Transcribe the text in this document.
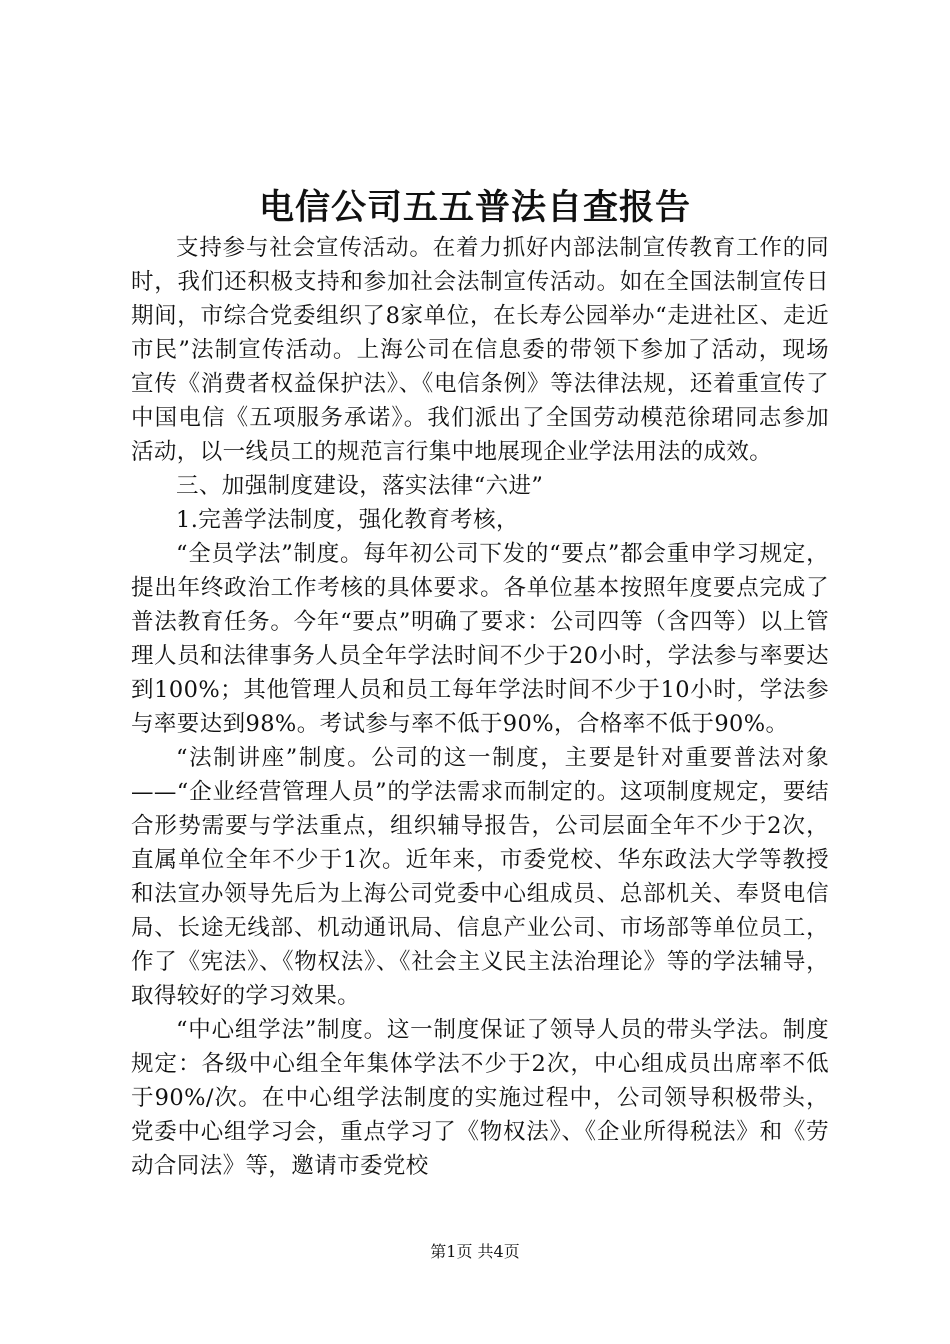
电信公司五五普法自查报告

支持参与社会宣传活动。在着力抓好内部法制宣传教育工作的同时，我们还积极支持和参加社会法制宣传活动。如在全国法制宣传日期间，市综合党委组织了8家单位，在长寿公园举办“走进社区、走近市民”法制宣传活动。上海公司在信息委的带领下参加了活动，现场宣传《消费者权益保护法》、《电信条例》等法律法规，还着重宣传了中国电信《五项服务承诺》。我们派出了全国劳动模范徐珺同志参加活动，以一线员工的规范言行集中地展现企业学法用法的成效。

三、加强制度建设，落实法律“六进”

1.完善学法制度，强化教育考核，

“全员学法”制度。每年初公司下发的“要点”都会重申学习规定，提出年终政治工作考核的具体要求。各单位基本按照年度要点完成了普法教育任务。今年“要点”明确了要求：公司四等（含四等）以上管理人员和法律事务人员全年学法时间不少于20小时，学法参与率要达到100%；其他管理人员和员工每年学法时间不少于10小时，学法参与率要达到98%。考试参与率不低于90%，合格率不低于90%。

“法制讲座”制度。公司的这一制度，主要是针对重要普法对象——“企业经营管理人员”的学法需求而制定的。这项制度规定，要结合形势需要与学法重点，组织辅导报告，公司层面全年不少于2次，直属单位全年不少于1次。近年来，市委党校、华东政法大学等教授和法宣办领导先后为上海公司党委中心组成员、总部机关、奉贤电信局、长途无线部、机动通讯局、信息产业公司、市场部等单位员工，作了《宪法》、《物权法》、《社会主义民主法治理论》等的学法辅导，取得较好的学习效果。

“中心组学法”制度。这一制度保证了领导人员的带头学法。制度规定：各级中心组全年集体学法不少于2次，中心组成员出席率不低于90%/次。在中心组学法制度的实施过程中，公司领导积极带头，党委中心组学习会，重点学习了《物权法》、《企业所得税法》和《劳动合同法》等，邀请市委党校

第1页 共4页
